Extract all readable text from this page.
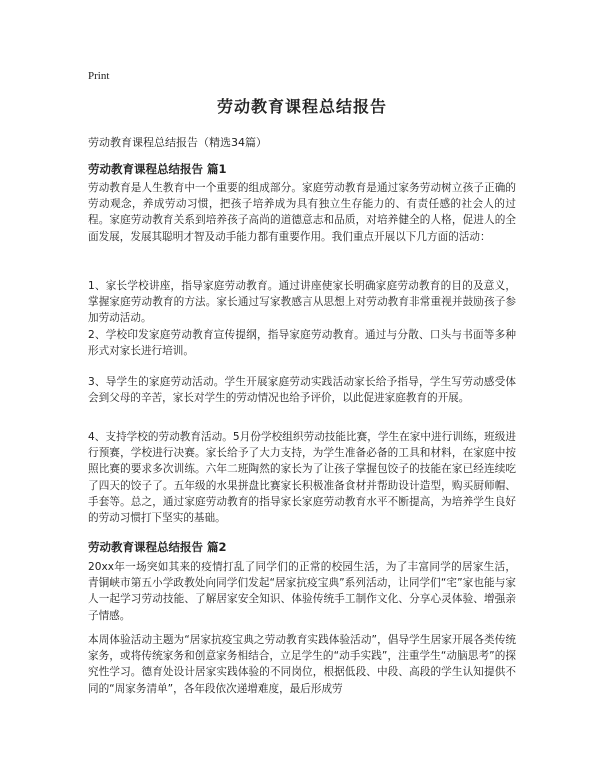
Print
劳动教育课程总结报告
劳动教育课程总结报告（精选34篇）
劳动教育课程总结报告 篇1
劳动教育是人生教育中一个重要的组成部分。家庭劳动教育是通过家务劳动树立孩子正确的劳动观念，养成劳动习惯，把孩子培养成为具有独立生存能力的、有责任感的社会人的过程。家庭劳动教育关系到培养孩子高尚的道德意志和品质，对培养健全的人格，促进人的全面发展，发展其聪明才智及动手能力都有重要作用。我们重点开展以下几方面的活动：
1、家长学校讲座，指导家庭劳动教育。通过讲座使家长明确家庭劳动教育的目的及意义，掌握家庭劳动教育的方法。家长通过写家教感言从思想上对劳动教育非常重视并鼓励孩子参加劳动活动。
2、学校印发家庭劳动教育宣传提纲，指导家庭劳动教育。通过与分散、口头与书面等多种形式对家长进行培训。
3、导学生的家庭劳动活动。学生开展家庭劳动实践活动家长给予指导，学生写劳动感受体会到父母的辛苦，家长对学生的劳动情况也给予评价，以此促进家庭教育的开展。
4、支持学校的劳动教育活动。5月份学校组织劳动技能比赛，学生在家中进行训练，班级进行预赛，学校进行决赛。家长给予了大力支持，为学生准备必备的工具和材料，在家庭中按照比赛的要求多次训练。六年二班陶然的家长为了让孩子掌握包饺子的技能在家已经连续吃了四天的饺子了。五年级的水果拼盘比赛家长积极准备食材并帮助设计造型，购买厨师帽、手套等。总之，通过家庭劳动教育的指导家长家庭劳动教育水平不断提高，为培养学生良好的劳动习惯打下坚实的基础。
劳动教育课程总结报告 篇2
20xx年一场突如其来的疫情打乱了同学们的正常的校园生活，为了丰富同学的居家生活，青铜峡市第五小学政教处向同学们发起“居家抗疫宝典”系列活动，让同学们“宅”家也能与家人一起学习劳动技能、了解居家安全知识、体验传统手工制作文化、分享心灵体验、增强亲子情感。
本周体验活动主题为“居家抗疫宝典之劳动教育实践体验活动”，倡导学生居家开展各类传统家务，或将传统家务和创意家务相结合，立足学生的“动手实践”，注重学生“动脑思考”的探究性学习。德育处设计居家实践体验的不同岗位，根据低段、中段、高段的学生认知提供不同的“周家务清单”，各年段依次递增难度，最后形成劳
